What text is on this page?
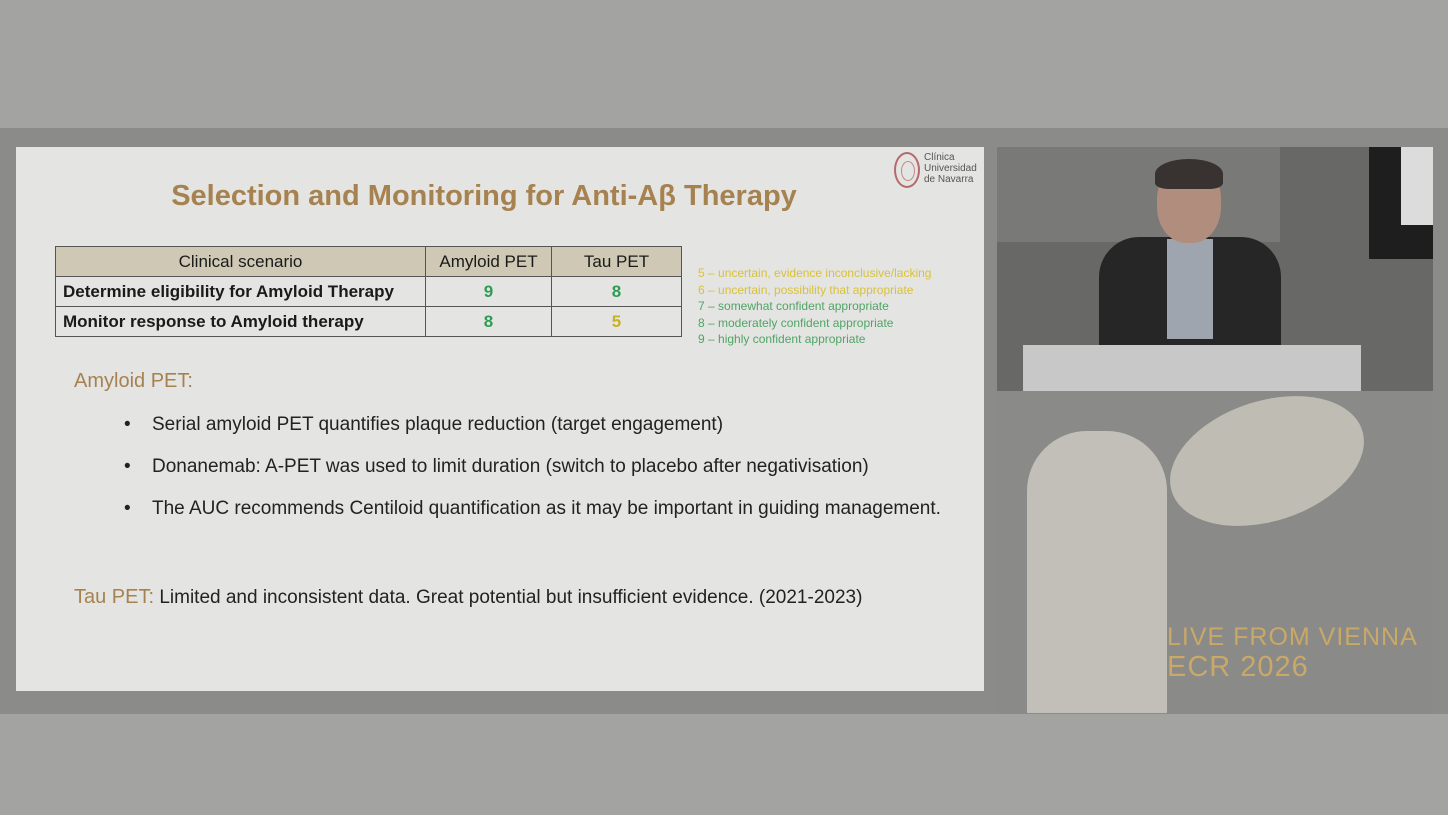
Selection and Monitoring for Anti-Aβ Therapy
Clínica
Universidad
de Navarra
Clinical scenario	Amyloid PET	Tau PET
Determine eligibility for Amyloid Therapy	9	8
Monitor response to Amyloid therapy	8	5
5 – uncertain, evidence inconclusive/lacking
6 – uncertain, possibility that appropriate
7 – somewhat confident appropriate
8 – moderately confident appropriate
9 – highly confident appropriate
Amyloid PET:
• Serial amyloid PET quantifies plaque reduction (target engagement)
• Donanemab: A-PET was used to limit duration (switch to placebo after negativisation)
• The AUC recommends Centiloid quantification as it may be important in guiding management.
Tau PET: Limited and inconsistent data. Great potential but insufficient evidence. (2021-2023)
LIVE FROM VIENNA
ECR 2026
